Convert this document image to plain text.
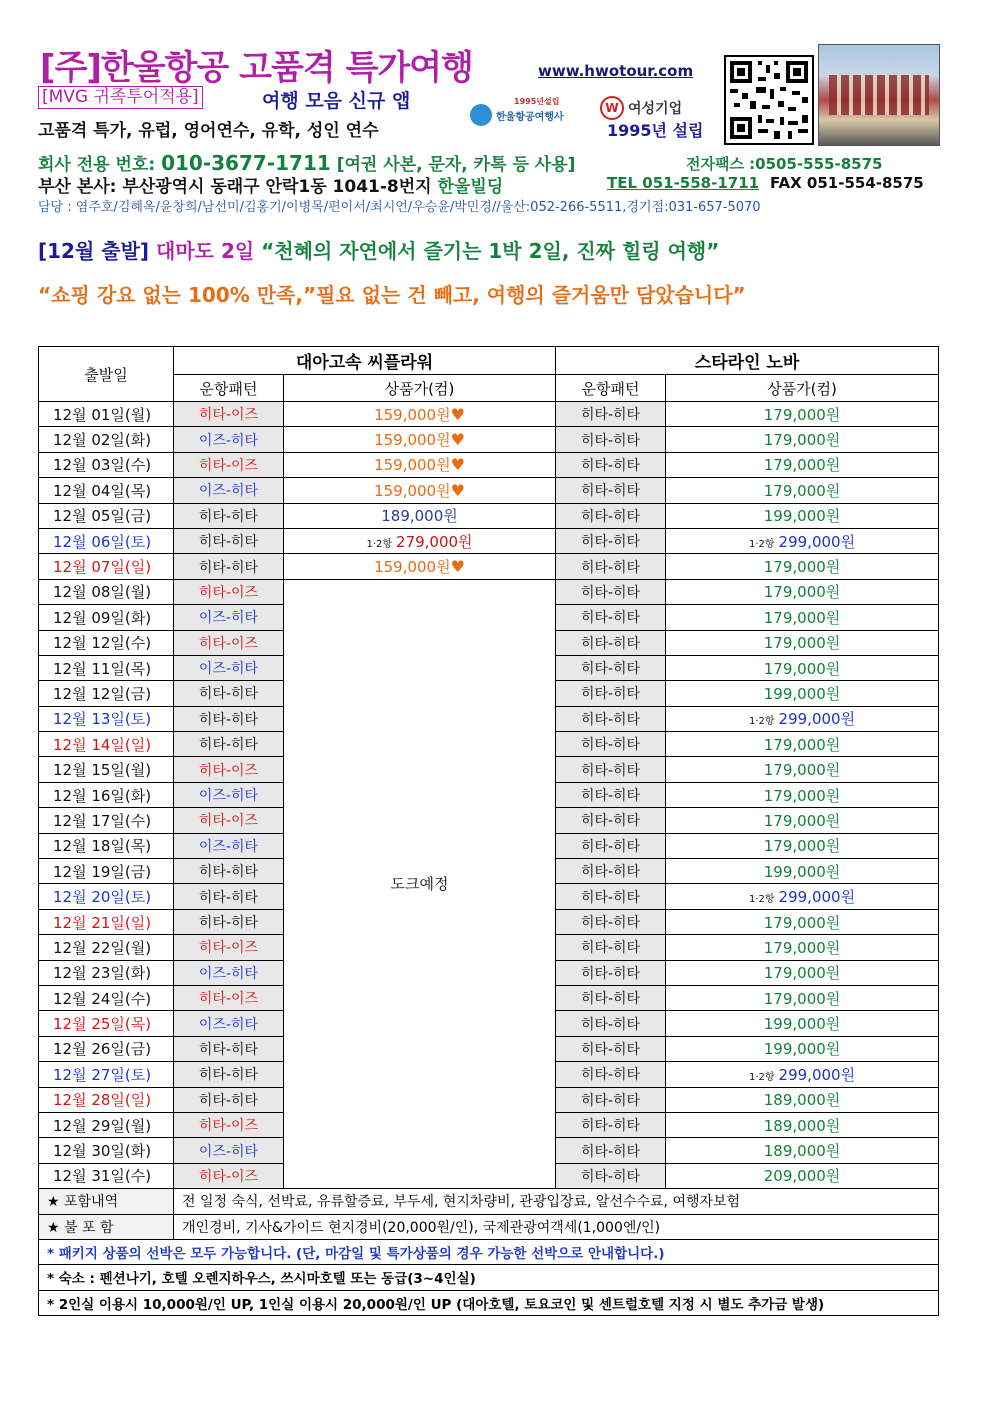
[주]한울항공 고품격 특가여행	www.hwotour.com
[MVG 귀족투어적용]	여행 모음 신규 앱
고품격 특가, 유럽, 영어연수, 유학, 성인 연수
1995년설립
한울항공여행사
W 여성기업
1995년 설립
회사 전용 번호: 010-3677-1711 [여권 사본, 문자, 카톡 등 사용]	전자팩스 :0505-555-8575
부산 본사: 부산광역시 동래구 안락1동 1041-8번지 한울빌딩	TEL 051-558-1711 FAX 051-554-8575
담당 : 염주호/김혜옥/윤창희/남선미/김홍기/이병목/편이서/최시언/우승윤/박민경//울산:052-266-5511,경기점:031-657-5070
[12월 출발] 대마도 2일 “천혜의 자연에서 즐기는 1박 2일, 진짜 힐링 여행”
“쇼핑 강요 없는 100% 만족,”필요 없는 건 빼고, 여행의 즐거움만 담았습니다”
출발일	대아고속 씨플라워		스타라인 노바	
	운항패턴	상품가(컴)	운항패턴	상품가(컴)
12월 01일(월)	히타-이즈	159,000원♥	히타-히타	179,000원
12월 02일(화)	이즈-히타	159,000원♥	히타-히타	179,000원
12월 03일(수)	히타-이즈	159,000원♥	히타-히타	179,000원
12월 04일(목)	이즈-히타	159,000원♥	히타-히타	179,000원
12월 05일(금)	히타-히타	189,000원	히타-히타	199,000원
12월 06일(토)	히타-히타	1·2항 279,000원	히타-히타	1·2항 299,000원
12월 07일(일)	히타-히타	159,000원♥	히타-히타	179,000원
12월 08일(월)	히타-이즈	도크예정	히타-히타	179,000원
12월 09일(화)	이즈-히타		히타-히타	179,000원
12월 12일(수)	히타-이즈		히타-히타	179,000원
12월 11일(목)	이즈-히타		히타-히타	179,000원
12월 12일(금)	히타-히타		히타-히타	199,000원
12월 13일(토)	히타-히타		히타-히타	1·2항 299,000원
12월 14일(일)	히타-히타		히타-히타	179,000원
12월 15일(월)	히타-이즈		히타-히타	179,000원
12월 16일(화)	이즈-히타		히타-히타	179,000원
12월 17일(수)	히타-이즈		히타-히타	179,000원
12월 18일(목)	이즈-히타		히타-히타	179,000원
12월 19일(금)	히타-히타		히타-히타	199,000원
12월 20일(토)	히타-히타		히타-히타	1·2항 299,000원
12월 21일(일)	히타-히타		히타-히타	179,000원
12월 22일(월)	히타-이즈		히타-히타	179,000원
12월 23일(화)	이즈-히타		히타-히타	179,000원
12월 24일(수)	히타-이즈		히타-히타	179,000원
12월 25일(목)	이즈-히타		히타-히타	199,000원
12월 26일(금)	히타-히타		히타-히타	199,000원
12월 27일(토)	히타-히타		히타-히타	1·2항 299,000원
12월 28일(일)	히타-히타		히타-히타	189,000원
12월 29일(월)	히타-이즈		히타-히타	189,000원
12월 30일(화)	이즈-히타		히타-히타	189,000원
12월 31일(수)	히타-이즈		히타-히타	209,000원
★ 포함내역	전 일정 숙식, 선박료, 유류할증료, 부두세, 현지차량비, 관광입장료, 알선수수료, 여행자보험			
★ 불 포 함	개인경비, 기사&가이드 현지경비(20,000원/인), 국제관광여객세(1,000엔/인)			
* 패키지 상품의 선박은 모두 가능합니다. (단, 마감일 및 특가상품의 경우 가능한 선박으로 안내합니다.)				
* 숙소 : 펜션나기, 호텔 오렌지하우스, 쓰시마호텔 또는 동급(3~4인실)				
* 2인실 이용시 10,000원/인 UP, 1인실 이용시 20,000원/인 UP (대아호텔, 토요코인 및 센트럴호텔 지정 시 별도 추가금 발생)				
